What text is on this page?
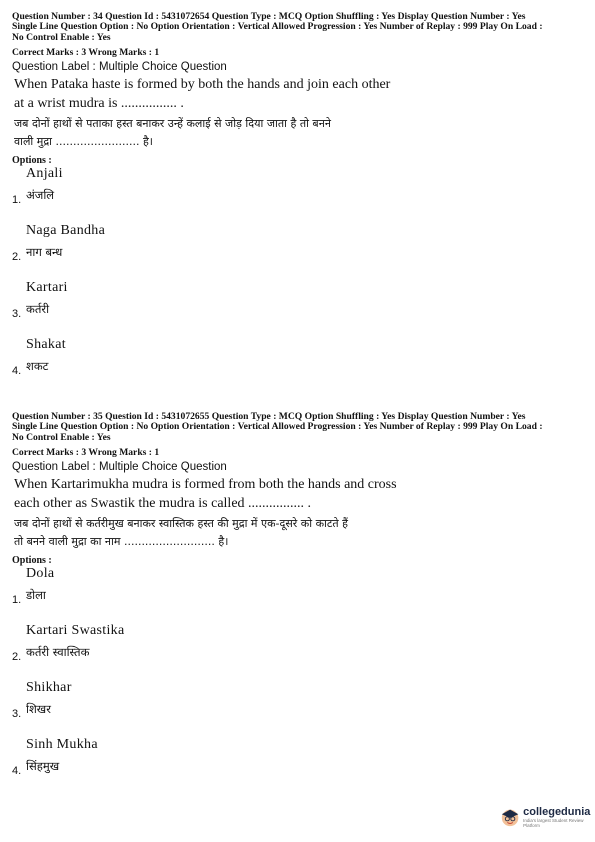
Question Number : 34 Question Id : 5431072654 Question Type : MCQ Option Shuffling : Yes Display Question Number : Yes
Single Line Question Option : No Option Orientation : Vertical Allowed Progression : Yes Number of Replay : 999 Play On Load :
No Control Enable : Yes
Correct Marks : 3 Wrong Marks : 1
Question Label : Multiple Choice Question
When Pataka haste is formed by both the hands and join each other
at a wrist mudra is ................ .
जब दोनों हाथों से पताका हस्त बनाकर उन्हें कलाई से जोड़ दिया जाता है तो बनने
वाली मुद्रा ........................ है।
Options :
Anjali
1. अंजलि
Naga Bandha
2. नाग बन्ध
Kartari
3. कर्तरी
Shakat
4. शकट
Question Number : 35 Question Id : 5431072655 Question Type : MCQ Option Shuffling : Yes Display Question Number : Yes
Single Line Question Option : No Option Orientation : Vertical Allowed Progression : Yes Number of Replay : 999 Play On Load :
No Control Enable : Yes
Correct Marks : 3 Wrong Marks : 1
Question Label : Multiple Choice Question
When Kartarimukha mudra is formed from both the hands and cross
each other as Swastik the mudra is called ................ .
जब दोनों हाथों से कर्तरीमुख बनाकर स्वास्तिक हस्त की मुद्रा में एक-दूसरे को काटते हैं
तो बनने वाली मुद्रा का नाम .......................... है।
Options :
Dola
1. डोला
Kartari Swastika
2. कर्तरी स्वास्तिक
Shikhar
3. शिखर
Sinh Mukha
4. सिंहमुख
collegedunia
India's largest Student Review Platform
